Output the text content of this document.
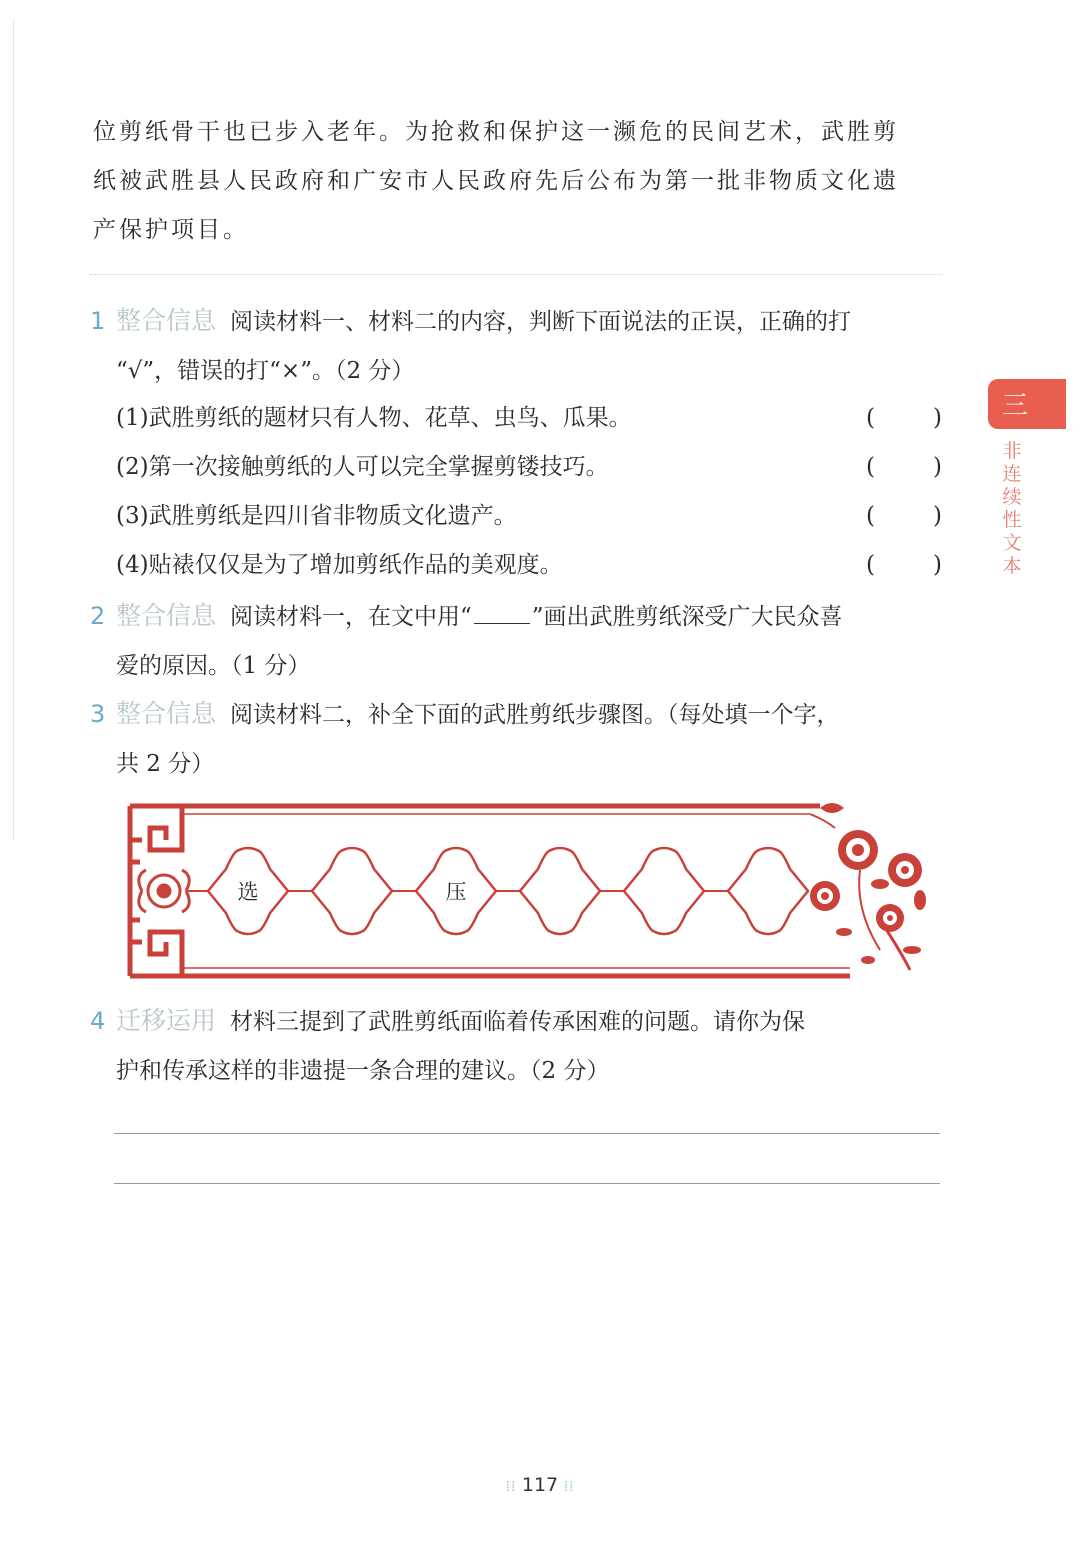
位剪纸骨干也已步入老年。为抢救和保护这一濒危的民间艺术，武胜剪

纸被武胜县人民政府和广安市人民政府先后公布为第一批非物质文化遗

产保护项目。

1 整合信息 阅读材料一、材料二的内容，判断下面说法的正误，正确的打
“√”，错误的打“×”。（2 分）
(1)武胜剪纸的题材只有人物、花草、虫鸟、瓜果。	(	)
(2)第一次接触剪纸的人可以完全掌握剪镂技巧。	(	)
(3)武胜剪纸是四川省非物质文化遗产。	(	)
(4)贴裱仅仅是为了增加剪纸作品的美观度。	(	)
2 整合信息 阅读材料一，在文中用“	”画出武胜剪纸深受广大民众喜
爱的原因。（1 分）
3 整合信息 阅读材料二，补全下面的武胜剪纸步骤图。（每处填一个字，
共 2 分）
选	压
4 迁移运用 材料三提到了武胜剪纸面临着传承困难的问题。请你为保
护和传承这样的非遗提一条合理的建议。（2 分）
三
非
连
续
性
文
本
⁞⁞ 117 ⁞⁞
